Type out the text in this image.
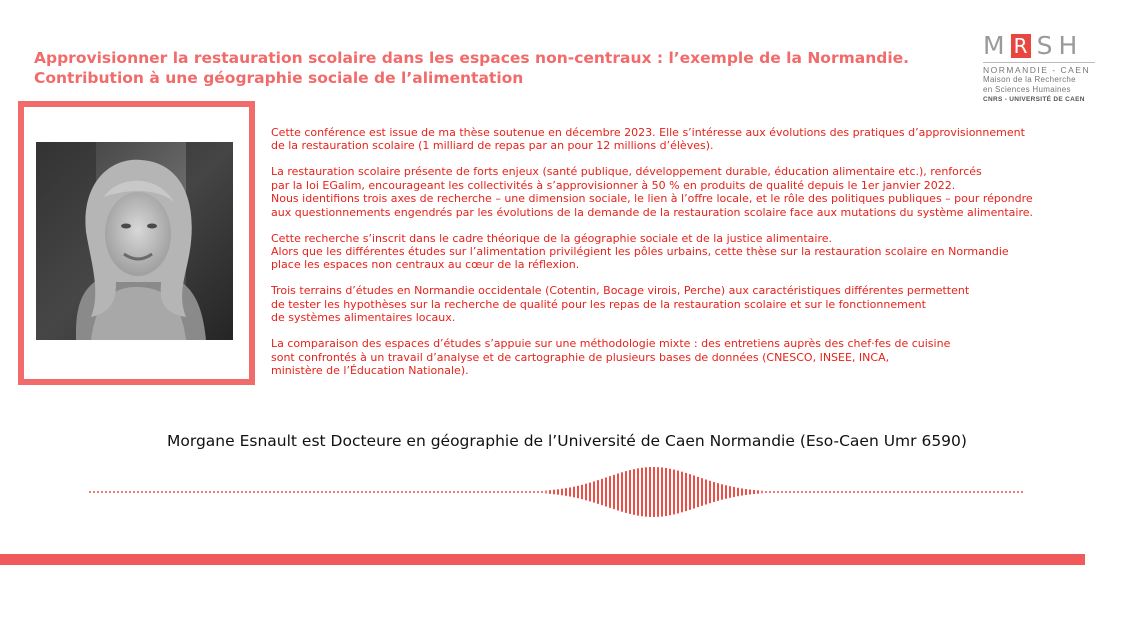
Approvisionner la restauration scolaire dans les espaces non-centraux : l’exemple de la Normandie.
Contribution à une géographie sociale de l’alimentation
M R SH
NORMANDIE - CAEN
Maison de la Recherche
en Sciences Humaines
CNRS - UNIVERSITÉ DE CAEN

Cette conférence est issue de ma thèse soutenue en décembre 2023. Elle s’intéresse aux évolutions des pratiques d’approvisionnement
de la restauration scolaire (1 milliard de repas par an pour 12 millions d’élèves).

La restauration scolaire présente de forts enjeux (santé publique, développement durable, éducation alimentaire etc.), renforcés
par la loi EGalim, encourageant les collectivités à s’approvisionner à 50 % en produits de qualité depuis le 1er janvier 2022.
Nous identifions trois axes de recherche – une dimension sociale, le lien à l’offre locale, et le rôle des politiques publiques – pour répondre
aux questionnements engendrés par les évolutions de la demande de la restauration scolaire face aux mutations du système alimentaire.

Cette recherche s’inscrit dans le cadre théorique de la géographie sociale et de la justice alimentaire.
Alors que les différentes études sur l’alimentation privilégient les pôles urbains, cette thèse sur la restauration scolaire en Normandie
place les espaces non centraux au cœur de la réflexion.

Trois terrains d’études en Normandie occidentale (Cotentin, Bocage virois, Perche) aux caractéristiques différentes permettent
de tester les hypothèses sur la recherche de qualité pour les repas de la restauration scolaire et sur le fonctionnement
de systèmes alimentaires locaux.

La comparaison des espaces d’études s’appuie sur une méthodologie mixte : des entretiens auprès des chef·fes de cuisine
sont confrontés à un travail d’analyse et de cartographie de plusieurs bases de données (CNESCO, INSEE, INCA,
ministère de l’Éducation Nationale).

Morgane Esnault est Docteure en géographie de l’Université de Caen Normandie (Eso-Caen Umr 6590)
